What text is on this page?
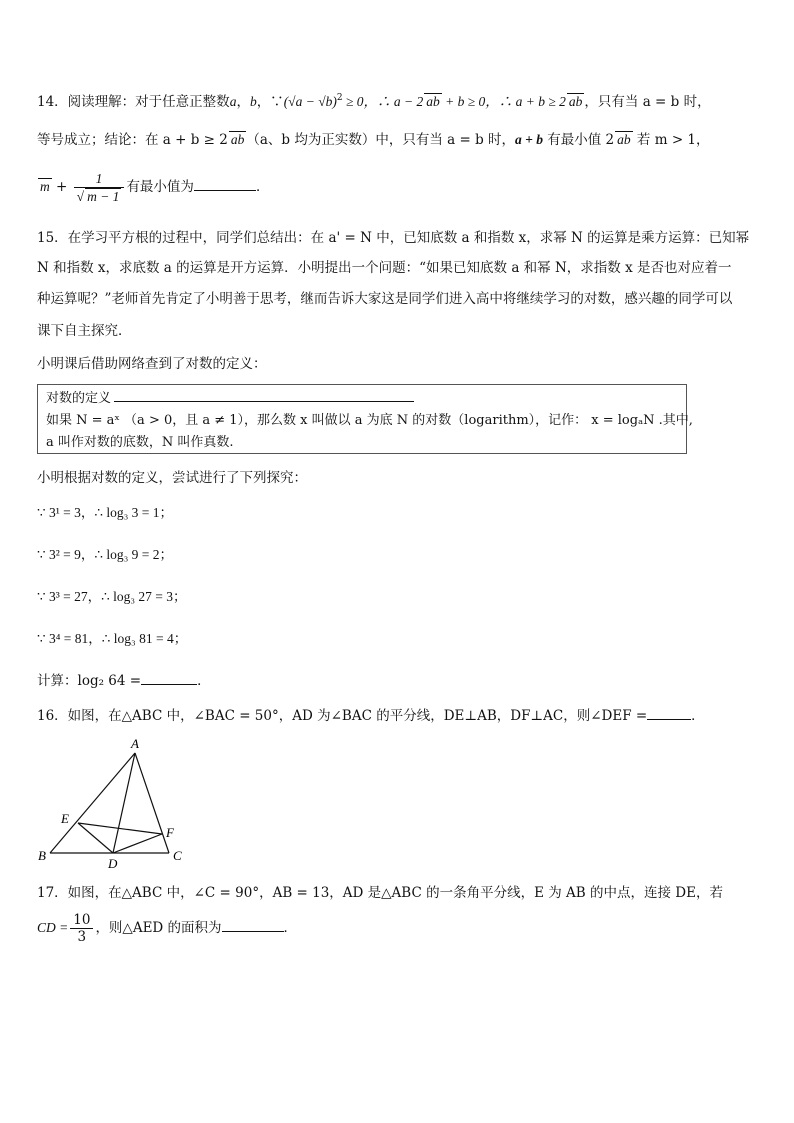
14．阅读理解：对于任意正整数a，b，∵(√a − √b)$^2$ ≥ 0，∴ a − 2 ab + b ≥ 0，∴ a + b ≥ 2 ab ，只有当 a = b 时，
等号成立；结论：在 a + b ≥ 2 ab （a、b 均为正实数）中，只有当 a = b 时，a + b 有最小值 2 ab 若 m > 1，
$m + \frac{1}{√ m - 1}$ 有最小值为	．
15．在学习平方根的过程中，同学们总结出：在 a' = N 中，已知底数 a 和指数 x，求幂 N 的运算是乘方运算：已知幂
N 和指数 x，求底数 a 的运算是开方运算．小明提出一个问题：“如果已知底数 a 和幂 N，求指数 x 是否也对应着一
种运算呢？”老师首先肯定了小明善于思考，继而告诉大家这是同学们进入高中将继续学习的对数，感兴趣的同学可以
课下自主探究．
小明课后借助网络查到了对数的定义：
对数的定义
如果 N = aˣ （a > 0，且 a ≠ 1），那么数 x 叫做以 a 为底 N 的对数（logarithm），记作： x = logₐN .其中,
a 叫作对数的底数，N 叫作真数.
小明根据对数的定义，尝试进行了下列探究：
∵ 3¹ = 3，∴ log₃ 3 = 1；
∵ 3² = 9，∴ log₃ 9 = 2；
∵ 3³ = 27，∴ log₃ 27 = 3；
∵ 3⁴ = 81，∴ log₃ 81 = 4；
计算：log₂ 64 =	．
16．如图，在△ABC 中，∠BAC = 50°，AD 为∠BAC 的平分线，DE⊥AB，DF⊥AC，则∠DEF =	．
A
B	C
D
E
F
17．如图，在△ABC 中，∠C = 90°，AB = 13，AD 是△ABC 的一条角平分线，E 为 AB 的中点，连接 DE，若
CD = $\frac{10}{3}$ ，则△AED 的面积为	．
